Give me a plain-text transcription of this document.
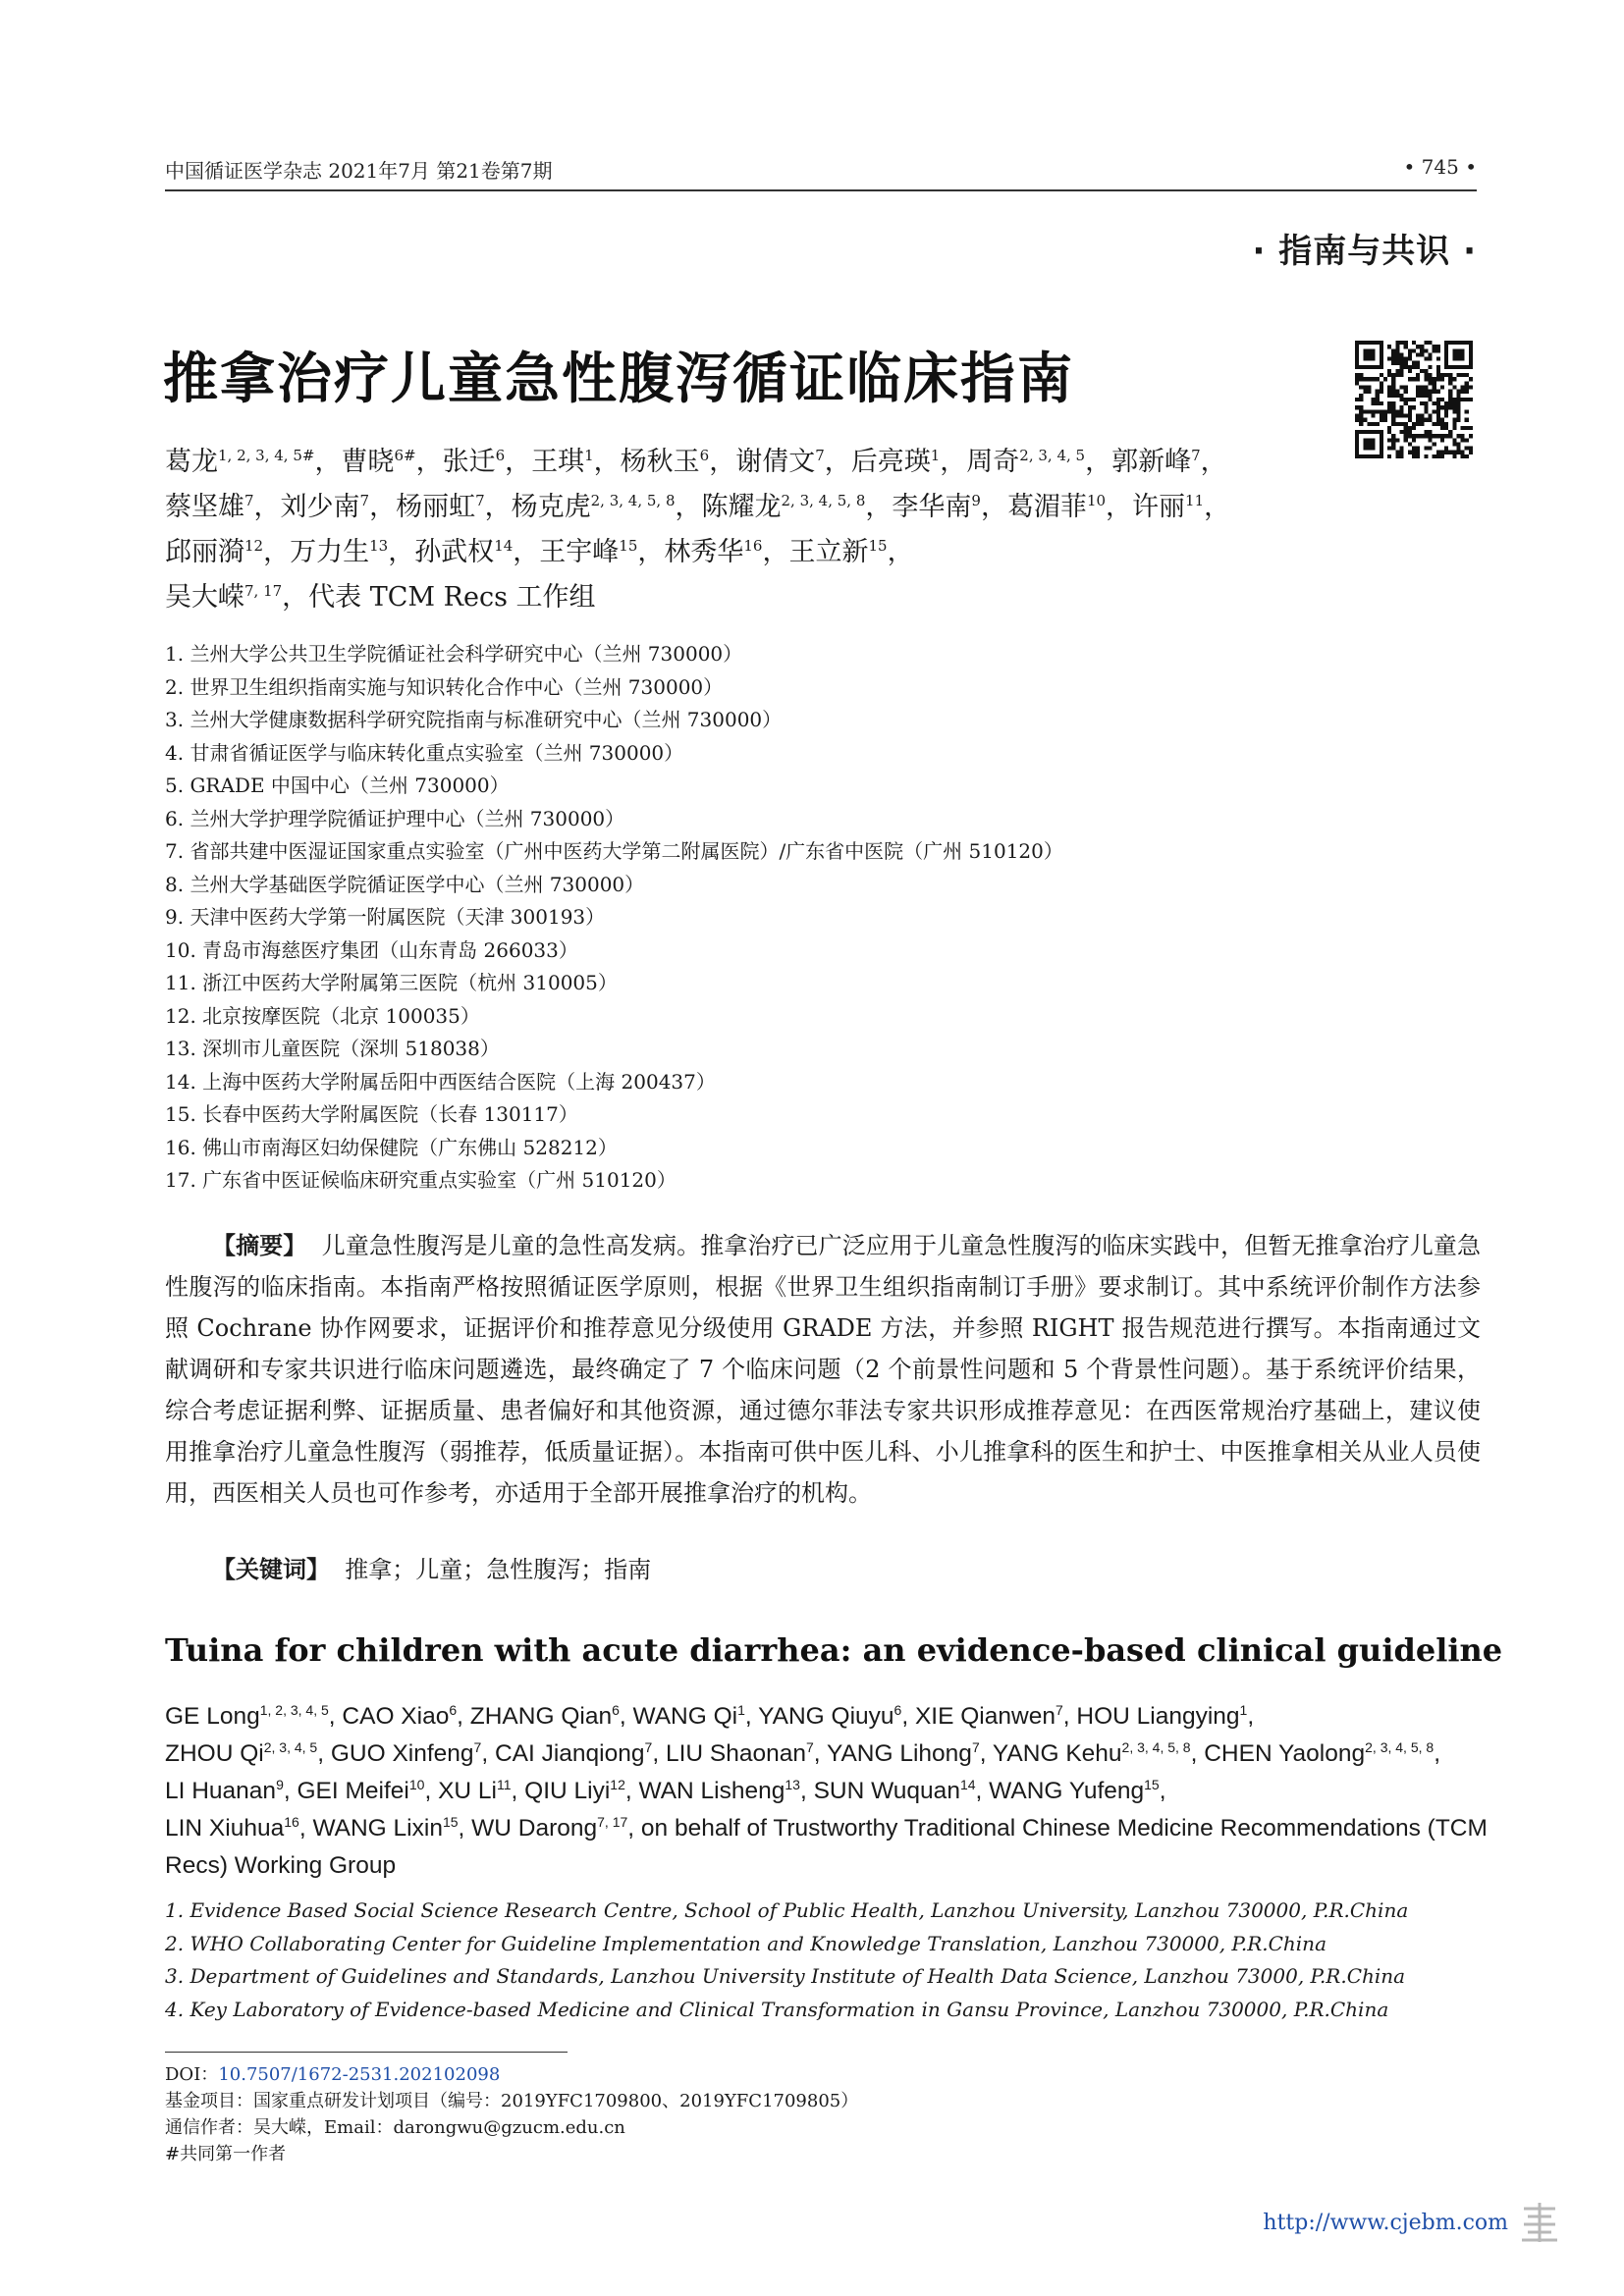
中国循证医学杂志 2021年7月 第21卷第7期	• 745 •
· 指南与共识 ·
推拿治疗儿童急性腹泻循证临床指南
葛龙$^{1, 2, 3, 4, 5\#}$，曹晓$^{6\#}$，张迁$^6$，王琪$^1$，杨秋玉$^6$，谢倩文$^7$，后亮瑛$^1$，周奇$^{2, 3, 4, 5}$，郭新峰$^7$，
蔡坚雄$^7$，刘少南$^7$，杨丽虹$^7$，杨克虎$^{2, 3, 4, 5, 8}$，陈耀龙$^{2, 3, 4, 5, 8}$，李华南$^9$，葛湄菲$^{10}$，许丽$^{11}$，
邱丽漪$^{12}$，万力生$^{13}$，孙武权$^{14}$，王宇峰$^{15}$，林秀华$^{16}$，王立新$^{15}$，
吴大嵘$^{7, 17}$，代表 TCM Recs 工作组
1. 兰州大学公共卫生学院循证社会科学研究中心（兰州 730000）
2. 世界卫生组织指南实施与知识转化合作中心（兰州 730000）
3. 兰州大学健康数据科学研究院指南与标准研究中心（兰州 730000）
4. 甘肃省循证医学与临床转化重点实验室（兰州 730000）
5. GRADE 中国中心（兰州 730000）
6. 兰州大学护理学院循证护理中心（兰州 730000）
7. 省部共建中医湿证国家重点实验室（广州中医药大学第二附属医院）/广东省中医院（广州 510120）
8. 兰州大学基础医学院循证医学中心（兰州 730000）
9. 天津中医药大学第一附属医院（天津 300193）
10. 青岛市海慈医疗集团（山东青岛 266033）
11. 浙江中医药大学附属第三医院（杭州 310005）
12. 北京按摩医院（北京 100035）
13. 深圳市儿童医院（深圳 518038）
14. 上海中医药大学附属岳阳中西医结合医院（上海 200437）
15. 长春中医药大学附属医院（长春 130117）
16. 佛山市南海区妇幼保健院（广东佛山 528212）
17. 广东省中医证候临床研究重点实验室（广州 510120）

【摘要】 儿童急性腹泻是儿童的急性高发病。推拿治疗已广泛应用于儿童急性腹泻的临床实践中，但暂无推拿治疗儿童急性腹泻的临床指南。本指南严格按照循证医学原则，根据《世界卫生组织指南制订手册》要求制订。其中系统评价制作方法参照 Cochrane 协作网要求，证据评价和推荐意见分级使用 GRADE 方法，并参照 RIGHT 报告规范进行撰写。本指南通过文献调研和专家共识进行临床问题遴选，最终确定了 7 个临床问题（2 个前景性问题和 5 个背景性问题）。基于系统评价结果，综合考虑证据利弊、证据质量、患者偏好和其他资源，通过德尔菲法专家共识形成推荐意见：在西医常规治疗基础上，建议使用推拿治疗儿童急性腹泻（弱推荐，低质量证据）。本指南可供中医儿科、小儿推拿科的医生和护士、中医推拿相关从业人员使用，西医相关人员也可作参考，亦适用于全部开展推拿治疗的机构。

【关键词】 推拿；儿童；急性腹泻；指南
Tuina for children with acute diarrhea: an evidence-based clinical guideline
GE Long$^{1, 2, 3, 4, 5}$, CAO Xiao$^6$, ZHANG Qian$^6$, WANG Qi$^1$, YANG Qiuyu$^6$, XIE Qianwen$^7$, HOU Liangying$^1$,
ZHOU Qi$^{2, 3, 4, 5}$, GUO Xinfeng$^7$, CAI Jianqiong$^7$, LIU Shaonan$^7$, YANG Lihong$^7$, YANG Kehu$^{2, 3, 4, 5, 8}$, CHEN Yaolong$^{2, 3, 4, 5, 8}$,
LI Huanan$^9$, GEI Meifei$^{10}$, XU Li$^{11}$, QIU Liyi$^{12}$, WAN Lisheng$^{13}$, SUN Wuquan$^{14}$, WANG Yufeng$^{15}$,
LIN Xiuhua$^{16}$, WANG Lixin$^{15}$, WU Darong$^{7, 17}$, on behalf of Trustworthy Traditional Chinese Medicine Recommendations (TCM Recs) Working Group
1. Evidence Based Social Science Research Centre, School of Public Health, Lanzhou University, Lanzhou 730000, P.R.China
2. WHO Collaborating Center for Guideline Implementation and Knowledge Translation, Lanzhou 730000, P.R.China
3. Department of Guidelines and Standards, Lanzhou University Institute of Health Data Science, Lanzhou 73000, P.R.China
4. Key Laboratory of Evidence-based Medicine and Clinical Transformation in Gansu Province, Lanzhou 730000, P.R.China
DOI：10.7507/1672-2531.202102098
基金项目：国家重点研发计划项目（编号：2019YFC1709800、2019YFC1709805）
通信作者：吴大嵘，Email：darongwu@gzucm.edu.cn
#共同第一作者
http://www.cjebm.com
